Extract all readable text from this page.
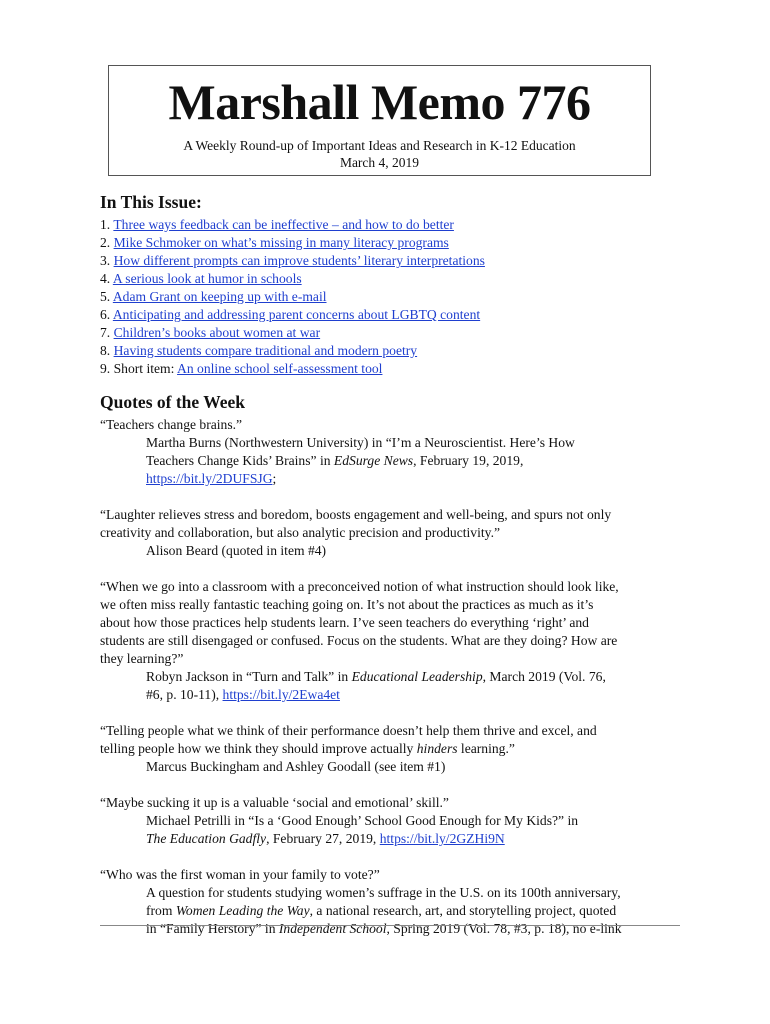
Marshall Memo 776
A Weekly Round-up of Important Ideas and Research in K-12 Education
March 4, 2019
In This Issue:
1. Three ways feedback can be ineffective – and how to do better
2. Mike Schmoker on what’s missing in many literacy programs
3. How different prompts can improve students’ literary interpretations
4. A serious look at humor in schools
5. Adam Grant on keeping up with e-mail
6. Anticipating and addressing parent concerns about LGBTQ content
7. Children’s books about women at war
8. Having students compare traditional and modern poetry
9. Short item: An online school self-assessment tool
Quotes of the Week

“Teachers change brains.”

Martha Burns (Northwestern University) in “I’m a Neuroscientist. Here’s How

Teachers Change Kids’ Brains” in EdSurge News, February 19, 2019,

https://bit.ly/2DUFSJG;

“Laughter relieves stress and boredom, boosts engagement and well-being, and spurs not only

creativity and collaboration, but also analytic precision and productivity.”

Alison Beard (quoted in item #4)

“When we go into a classroom with a preconceived notion of what instruction should look like,

we often miss really fantastic teaching going on. It’s not about the practices as much as it’s

about how those practices help students learn. I’ve seen teachers do everything ‘right’ and

students are still disengaged or confused. Focus on the students. What are they doing? How are

they learning?”

Robyn Jackson in “Turn and Talk” in Educational Leadership, March 2019 (Vol. 76,

#6, p. 10-11), https://bit.ly/2Ewa4et

“Telling people what we think of their performance doesn’t help them thrive and excel, and

telling people how we think they should improve actually hinders learning.”

Marcus Buckingham and Ashley Goodall (see item #1)

“Maybe sucking it up is a valuable ‘social and emotional’ skill.”

Michael Petrilli in “Is a ‘Good Enough’ School Good Enough for My Kids?” in

The Education Gadfly, February 27, 2019, https://bit.ly/2GZHi9N

“Who was the first woman in your family to vote?”

A question for students studying women’s suffrage in the U.S. on its 100th anniversary,

from Women Leading the Way, a national research, art, and storytelling project, quoted

in “Family Herstory” in Independent School, Spring 2019 (Vol. 78, #3, p. 18), no e-link
